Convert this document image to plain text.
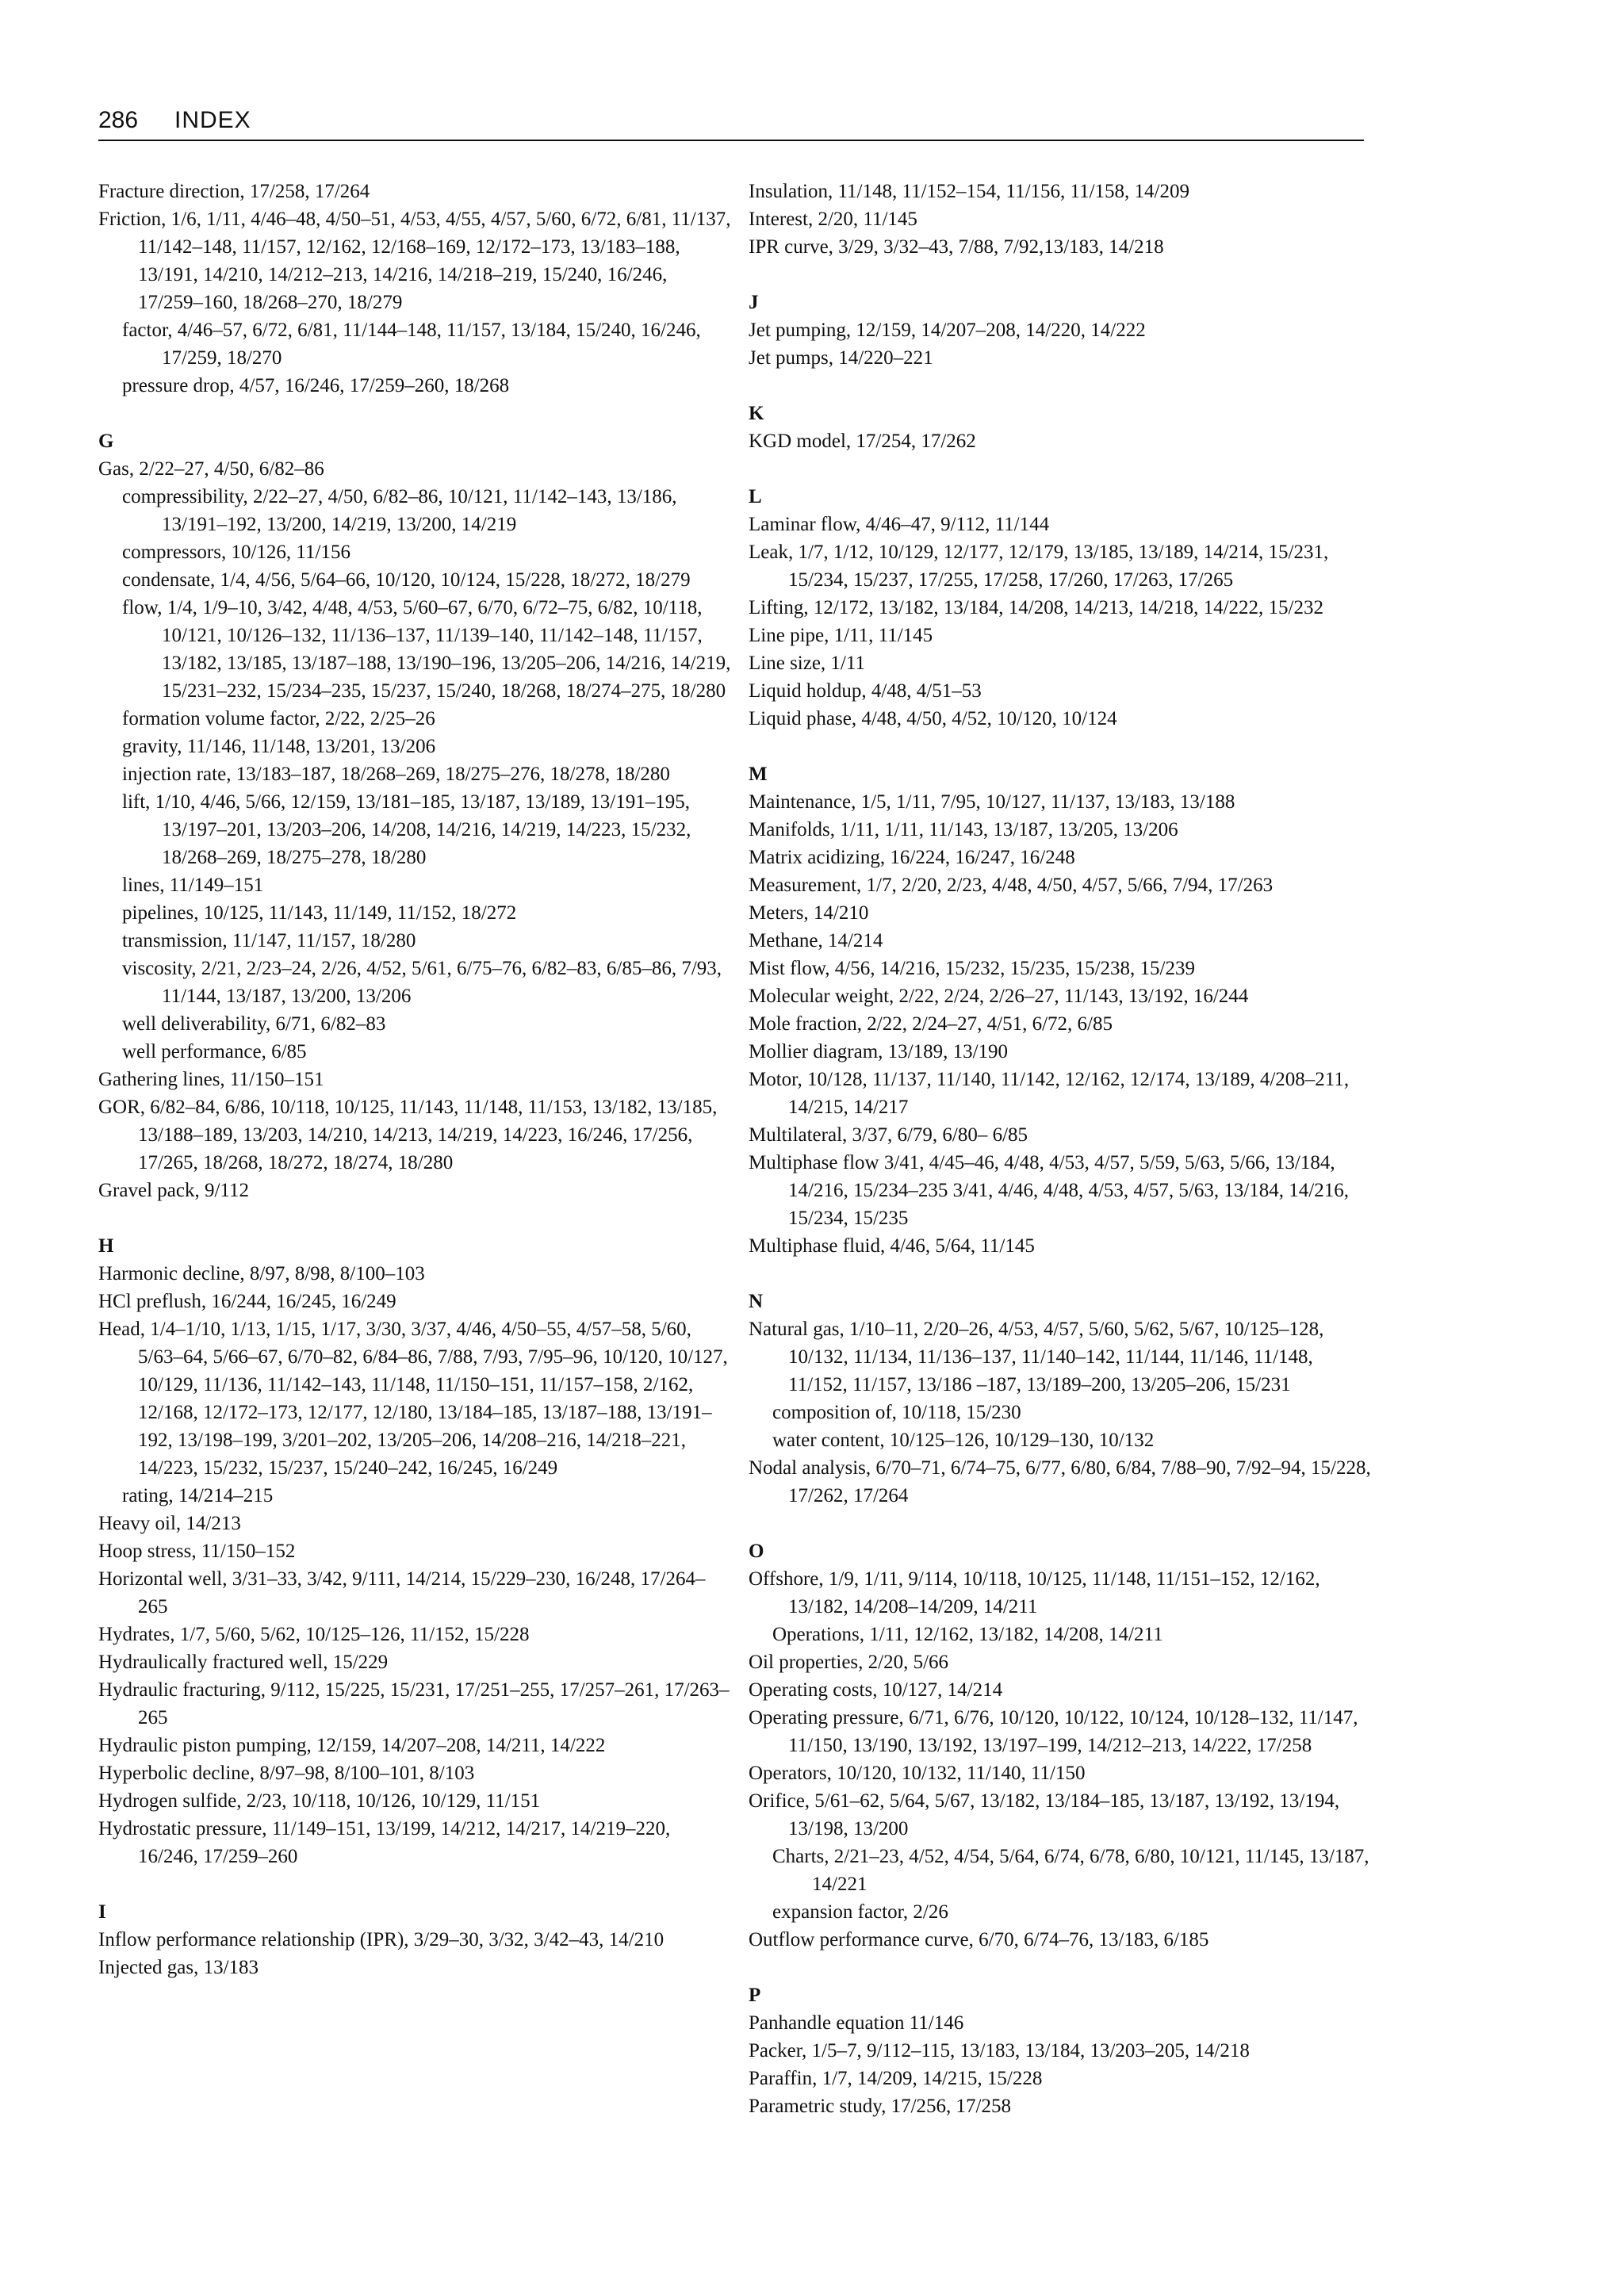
286 INDEX
Fracture direction, 17/258, 17/264
Friction, 1/6, 1/11, 4/46–48, 4/50–51, 4/53, 4/55, 4/57, 5/60, 6/72, 6/81, 11/137, 11/142–148, 11/157, 12/162, 12/168–169, 12/172–173, 13/183–188, 13/191, 14/210, 14/212–213, 14/216, 14/218–219, 15/240, 16/246, 17/259–160, 18/268–270, 18/279
factor, 4/46–57, 6/72, 6/81, 11/144–148, 11/157, 13/184, 15/240, 16/246, 17/259, 18/270
pressure drop, 4/57, 16/246, 17/259–260, 18/268
G
Gas, 2/22–27, 4/50, 6/82–86
compressibility, 2/22–27, 4/50, 6/82–86, 10/121, 11/142–143, 13/186, 13/191–192, 13/200, 14/219, 13/200, 14/219
compressors, 10/126, 11/156
condensate, 1/4, 4/56, 5/64–66, 10/120, 10/124, 15/228, 18/272, 18/279
flow, 1/4, 1/9–10, 3/42, 4/48, 4/53, 5/60–67, 6/70, 6/72–75, 6/82, 10/118, 10/121, 10/126–132, 11/136–137, 11/139–140, 11/142–148, 11/157, 13/182, 13/185, 13/187–188, 13/190–196, 13/205–206, 14/216, 14/219, 15/231–232, 15/234–235, 15/237, 15/240, 18/268, 18/274–275, 18/280
formation volume factor, 2/22, 2/25–26
gravity, 11/146, 11/148, 13/201, 13/206
injection rate, 13/183–187, 18/268–269, 18/275–276, 18/278, 18/280
lift, 1/10, 4/46, 5/66, 12/159, 13/181–185, 13/187, 13/189, 13/191–195, 13/197–201, 13/203–206, 14/208, 14/216, 14/219, 14/223, 15/232, 18/268–269, 18/275–278, 18/280
lines, 11/149–151
pipelines, 10/125, 11/143, 11/149, 11/152, 18/272
transmission, 11/147, 11/157, 18/280
viscosity, 2/21, 2/23–24, 2/26, 4/52, 5/61, 6/75–76, 6/82–83, 6/85–86, 7/93, 11/144, 13/187, 13/200, 13/206
well deliverability, 6/71, 6/82–83
well performance, 6/85
Gathering lines, 11/150–151
GOR, 6/82–84, 6/86, 10/118, 10/125, 11/143, 11/148, 11/153, 13/182, 13/185, 13/188–189, 13/203, 14/210, 14/213, 14/219, 14/223, 16/246, 17/256, 17/265, 18/268, 18/272, 18/274, 18/280
Gravel pack, 9/112
H
Harmonic decline, 8/97, 8/98, 8/100–103
HCl preflush, 16/244, 16/245, 16/249
Head, 1/4–1/10, 1/13, 1/15, 1/17, 3/30, 3/37, 4/46, 4/50–55, 4/57–58, 5/60, 5/63–64, 5/66–67, 6/70–82, 6/84–86, 7/88, 7/93, 7/95–96, 10/120, 10/127, 10/129, 11/136, 11/142–143, 11/148, 11/150–151, 11/157–158, 2/162, 12/168, 12/172–173, 12/177, 12/180, 13/184–185, 13/187–188, 13/191–192, 13/198–199, 3/201–202, 13/205–206, 14/208–216, 14/218–221, 14/223, 15/232, 15/237, 15/240–242, 16/245, 16/249
rating, 14/214–215
Heavy oil, 14/213
Hoop stress, 11/150–152
Horizontal well, 3/31–33, 3/42, 9/111, 14/214, 15/229–230, 16/248, 17/264–265
Hydrates, 1/7, 5/60, 5/62, 10/125–126, 11/152, 15/228
Hydraulically fractured well, 15/229
Hydraulic fracturing, 9/112, 15/225, 15/231, 17/251–255, 17/257–261, 17/263–265
Hydraulic piston pumping, 12/159, 14/207–208, 14/211, 14/222
Hyperbolic decline, 8/97–98, 8/100–101, 8/103
Hydrogen sulfide, 2/23, 10/118, 10/126, 10/129, 11/151
Hydrostatic pressure, 11/149–151, 13/199, 14/212, 14/217, 14/219–220, 16/246, 17/259–260
I
Inflow performance relationship (IPR), 3/29–30, 3/32, 3/42–43, 14/210
Injected gas, 13/183
Insulation, 11/148, 11/152–154, 11/156, 11/158, 14/209
Interest, 2/20, 11/145
IPR curve, 3/29, 3/32–43, 7/88, 7/92,13/183, 14/218
J
Jet pumping, 12/159, 14/207–208, 14/220, 14/222
Jet pumps, 14/220–221
K
KGD model, 17/254, 17/262
L
Laminar flow, 4/46–47, 9/112, 11/144
Leak, 1/7, 1/12, 10/129, 12/177, 12/179, 13/185, 13/189, 14/214, 15/231, 15/234, 15/237, 17/255, 17/258, 17/260, 17/263, 17/265
Lifting, 12/172, 13/182, 13/184, 14/208, 14/213, 14/218, 14/222, 15/232
Line pipe, 1/11, 11/145
Line size, 1/11
Liquid holdup, 4/48, 4/51–53
Liquid phase, 4/48, 4/50, 4/52, 10/120, 10/124
M
Maintenance, 1/5, 1/11, 7/95, 10/127, 11/137, 13/183, 13/188
Manifolds, 1/11, 1/11, 11/143, 13/187, 13/205, 13/206
Matrix acidizing, 16/224, 16/247, 16/248
Measurement, 1/7, 2/20, 2/23, 4/48, 4/50, 4/57, 5/66, 7/94, 17/263
Meters, 14/210
Methane, 14/214
Mist flow, 4/56, 14/216, 15/232, 15/235, 15/238, 15/239
Molecular weight, 2/22, 2/24, 2/26–27, 11/143, 13/192, 16/244
Mole fraction, 2/22, 2/24–27, 4/51, 6/72, 6/85
Mollier diagram, 13/189, 13/190
Motor, 10/128, 11/137, 11/140, 11/142, 12/162, 12/174, 13/189, 4/208–211, 14/215, 14/217
Multilateral, 3/37, 6/79, 6/80– 6/85
Multiphase flow 3/41, 4/45–46, 4/48, 4/53, 4/57, 5/59, 5/63, 5/66, 13/184, 14/216, 15/234–235 3/41, 4/46, 4/48, 4/53, 4/57, 5/63, 13/184, 14/216, 15/234, 15/235
Multiphase fluid, 4/46, 5/64, 11/145
N
Natural gas, 1/10–11, 2/20–26, 4/53, 4/57, 5/60, 5/62, 5/67, 10/125–128, 10/132, 11/134, 11/136–137, 11/140–142, 11/144, 11/146, 11/148, 11/152, 11/157, 13/186 –187, 13/189–200, 13/205–206, 15/231
composition of, 10/118, 15/230
water content, 10/125–126, 10/129–130, 10/132
Nodal analysis, 6/70–71, 6/74–75, 6/77, 6/80, 6/84, 7/88–90, 7/92–94, 15/228, 17/262, 17/264
O
Offshore, 1/9, 1/11, 9/114, 10/118, 10/125, 11/148, 11/151–152, 12/162, 13/182, 14/208–14/209, 14/211
Operations, 1/11, 12/162, 13/182, 14/208, 14/211
Oil properties, 2/20, 5/66
Operating costs, 10/127, 14/214
Operating pressure, 6/71, 6/76, 10/120, 10/122, 10/124, 10/128–132, 11/147, 11/150, 13/190, 13/192, 13/197–199, 14/212–213, 14/222, 17/258
Operators, 10/120, 10/132, 11/140, 11/150
Orifice, 5/61–62, 5/64, 5/67, 13/182, 13/184–185, 13/187, 13/192, 13/194, 13/198, 13/200
Charts, 2/21–23, 4/52, 4/54, 5/64, 6/74, 6/78, 6/80, 10/121, 11/145, 13/187, 14/221
expansion factor, 2/26
Outflow performance curve, 6/70, 6/74–76, 13/183, 6/185
P
Panhandle equation 11/146
Packer, 1/5–7, 9/112–115, 13/183, 13/184, 13/203–205, 14/218
Paraffin, 1/7, 14/209, 14/215, 15/228
Parametric study, 17/256, 17/258
